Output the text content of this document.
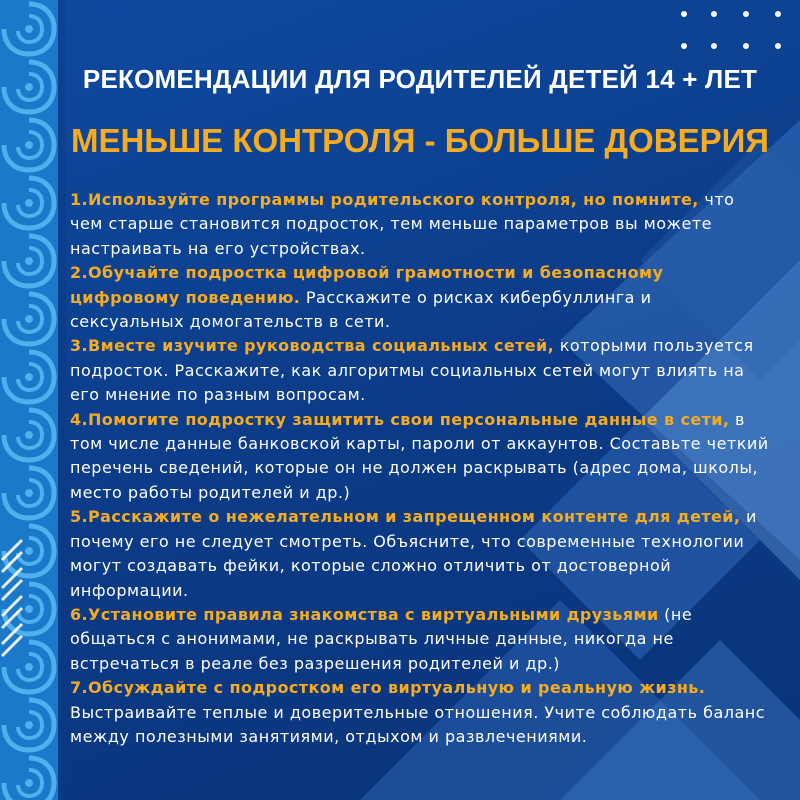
РЕКОМЕНДАЦИИ ДЛЯ РОДИТЕЛЕЙ ДЕТЕЙ 14 + ЛЕТ
МЕНЬШЕ КОНТРОЛЯ - БОЛЬШЕ ДОВЕРИЯ

1.Используйте программы родительского контроля, но помните, что чем старше становится подросток, тем меньше параметров вы можете настраивать на его устройствах.

2.Обучайте подростка цифровой грамотности и безопасному цифровому поведению. Расскажите о рисках кибербуллинга и сексуальных домогательств в сети.

3.Вместе изучите руководства социальных сетей, которыми пользуется подросток. Расскажите, как алгоритмы социальных сетей могут влиять на его мнение по разным вопросам.

4.Помогите подростку защитить свои персональные данные в сети, в том числе данные банковской карты, пароли от аккаунтов. Составьте четкий перечень сведений, которые он не должен раскрывать (адрес дома, школы, место работы родителей и др.)

5.Расскажите о нежелательном и запрещенном контенте для детей, и почему его не следует смотреть. Объясните, что современные технологии могут создавать фейки, которые сложно отличить от достоверной информации.

6.Установите правила знакомства с виртуальными друзьями (не общаться с анонимами, не раскрывать личные данные, никогда не встречаться в реале без разрешения родителей и др.)

7.Обсуждайте с подростком его виртуальную и реальную жизнь. Выстраивайте теплые и доверительные отношения. Учите соблюдать баланс между полезными занятиями, отдыхом и развлечениями.
